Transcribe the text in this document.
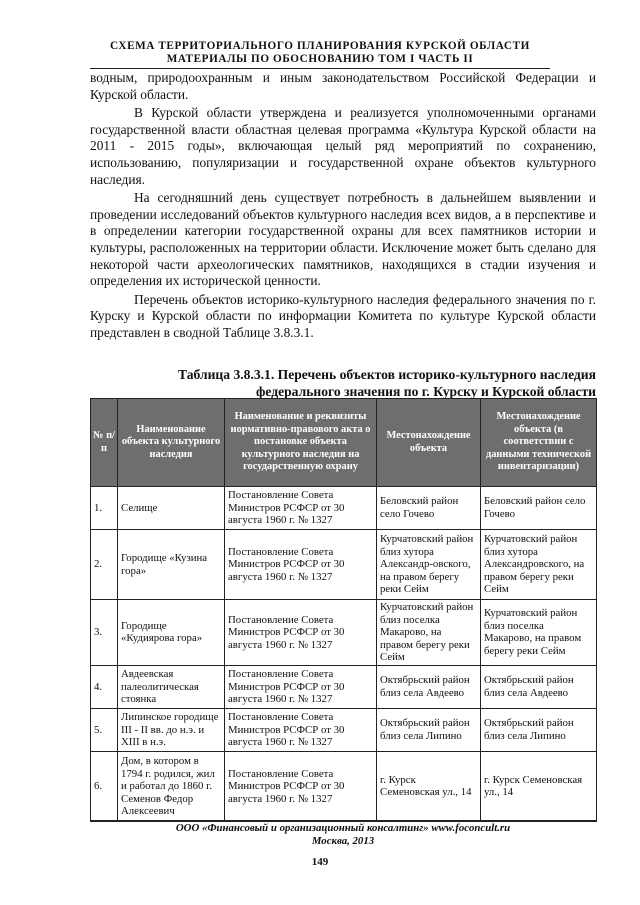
СХЕМА ТЕРРИТОРИАЛЬНОГО ПЛАНИРОВАНИЯ КУРСКОЙ ОБЛАСТИ
МАТЕРИАЛЫ ПО ОБОСНОВАНИЮ ТОМ I ЧАСТЬ II

водным, природоохранным и иным законодательством Российской Федерации и Курской области.

В Курской области утверждена и реализуется уполномоченными органами государственной власти областная целевая программа «Культура Курской области на 2011 - 2015 годы», включающая целый ряд мероприятий по сохранению, использованию, популяризации и государственной охране объектов культурного наследия.

На сегодняшний день существует потребность в дальнейшем выявлении и проведении исследований объектов культурного наследия всех видов, а в перспективе и в определении категории государственной охраны для всех памятников истории и культуры, расположенных на территории области. Исключение может быть сделано для некоторой части археологических памятников, находящихся в стадии изучения и определения их исторической ценности.

Перечень объектов историко-культурного наследия федерального значения по г. Курску и Курской области по информации Комитета по культуре Курской области представлен в сводной Таблице 3.8.3.1.

Таблица 3.8.3.1. Перечень объектов историко-культурного наследия
федерального значения по г. Курску и Курской области
№ п/п	Наименование объекта культурного наследия	Наименование и реквизиты нормативно-правового акта о постановке объекта культурного наследия на государственную охрану	Местонахождение объекта	Местонахождение объекта (в соответствии с данными технической инвентаризации)
1.	Селище	Постановление Совета Министров РСФСР от 30 августа 1960 г. № 1327	Беловский район село Гочево	Беловский район село Гочево
2.	Городище «Кузина гора»	Постановление Совета Министров РСФСР от 30 августа 1960 г. № 1327	Курчатовский район близ хутора Александр-овского, на правом берегу реки Сейм	Курчатовский район близ хутора Александровского, на правом берегу реки Сейм
3.	Городище «Кудиярова гора»	Постановление Совета Министров РСФСР от 30 августа 1960 г. № 1327	Курчатовский район близ поселка Макарово, на правом берегу реки Сейм	Курчатовский район близ поселка Макарово, на правом берегу реки Сейм
4.	Авдеевская палеолитическая стоянка	Постановление Совета Министров РСФСР от 30 августа 1960 г. № 1327	Октябрьский район близ села Авдеево	Октябрьский район близ села Авдеево
5.	Липинское городище III - II вв. до н.э. и XIII в н.э.	Постановление Совета Министров РСФСР от 30 августа 1960 г. № 1327	Октябрьский район близ села Липино	Октябрьский район близ села Липино
6.	Дом, в котором в 1794 г. родился, жил и работал до 1860 г. Семенов Федор Алексеевич	Постановление Совета Министров РСФСР от 30 августа 1960 г. № 1327	г. Курск Семеновская ул., 14	г. Курск Семеновская ул., 14
ООО «Финансовый и организационный консалтинг» www.foconcult.ru
Москва, 2013
149
